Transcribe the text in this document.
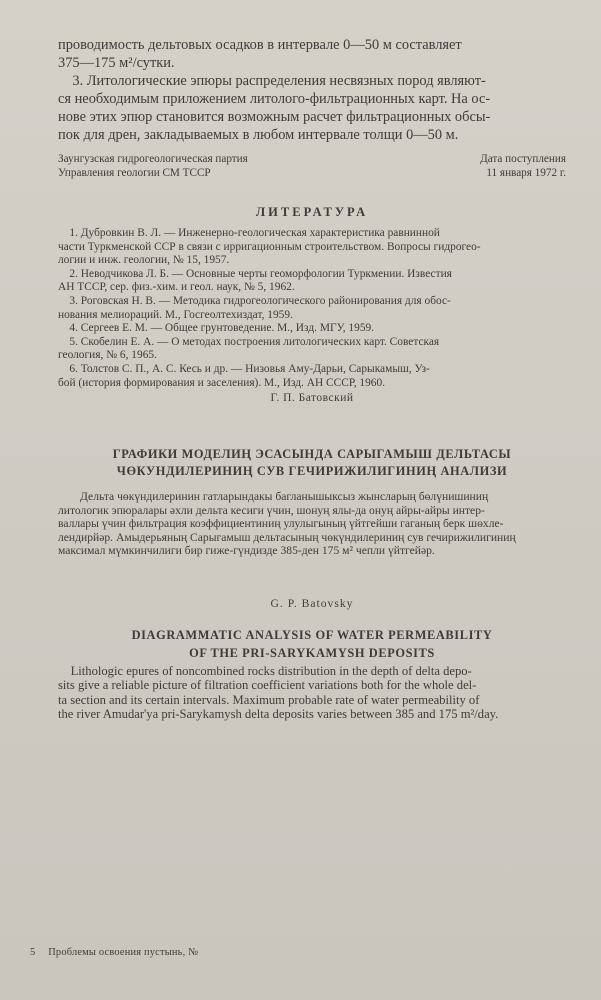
проводимость дельтовых осадков в интервале 0—50 м составляет
375—175 м²/сутки.
3. Литологические эпюры распределения несвязных пород являют-
ся необходимым приложением литолого-фильтрационных карт. На ос-
нове этих эпюр становится возможным расчет фильтрационных обсы-
пок для дрен, закладываемых в любом интервале толщи 0—50 м.

Заунгузская гидрогеологическая партия
Управления геологии СМ ТССР
Дата поступления
11 января 1972 г.
ЛИТЕРАТУРА

1. Дубровкин В. Л. — Инженерно-геологическая характеристика равнинной
части Туркменской ССР в связи с ирригационным строительством. Вопросы гидрогео-
логии и инж. геологии, № 15, 1957.

2. Неводчикова Л. Б. — Основные черты геоморфологии Туркмении. Известия
АН ТССР, сер. физ.-хим. и геол. наук, № 5, 1962.

3. Роговская Н. В. — Методика гидрогеологического районирования для обос-
нования мелиораций. М., Госгеолтехиздат, 1959.

4. Сергеев Е. М. — Общее грунтоведение. М., Изд. МГУ, 1959.

5. Скобелин Е. А. — О методах построения литологических карт. Советская
геология, № 6, 1965.

6. Толстов С. П., А. С. Кесь и др. — Низовья Аму-Дарьи, Сарыкамыш, Уз-
бой (история формирования и заселения). М., Изд. АН СССР, 1960.

Г. П. Батовский
ГРАФИКИ МОДЕЛИҢ ЭСАСЫНДА САРЫГАМЫШ ДЕЛЬТАСЫ
ЧӨКУНДИЛЕРИНИҢ СУВ ГЕЧИРИЖИЛИГИНИҢ АНАЛИЗИ

Дельта чөкүндилеринин гатларындакы багланышыксыз жынсларың бөлүнишиниң
литологик эпюралары әхли дельта кесиги үчин, шонуң ялы-да онуң айры-айры интер-
валлары үчин фильтрация коэффициентиниң улулыгының үйтгейши гаганың берк шөхле-
лендирйәр. Амыдерьяның Сарыгамыш дельтасының чөкүндилериниң сув гечирижилигиниң
максимал мүмкинчилиги бир гиже-гүндизде 385-ден 175 м² чепли үйтгейәр.

G. P. Batovsky
DIAGRAMMATIC ANALYSIS OF WATER PERMEABILITY
OF THE PRI-SARYKAMYSH DEPOSITS

Lithologic epures of noncombined rocks distribution in the depth of delta depo-
sits give a reliable picture of filtration coefficient variations both for the whole del-
ta section and its certain intervals. Maximum probable rate of water permeability of
the river Amudar'ya pri-Sarykamysh delta deposits varies between 385 and 175 m²/day.

5 Проблемы освоения пустынь, №
